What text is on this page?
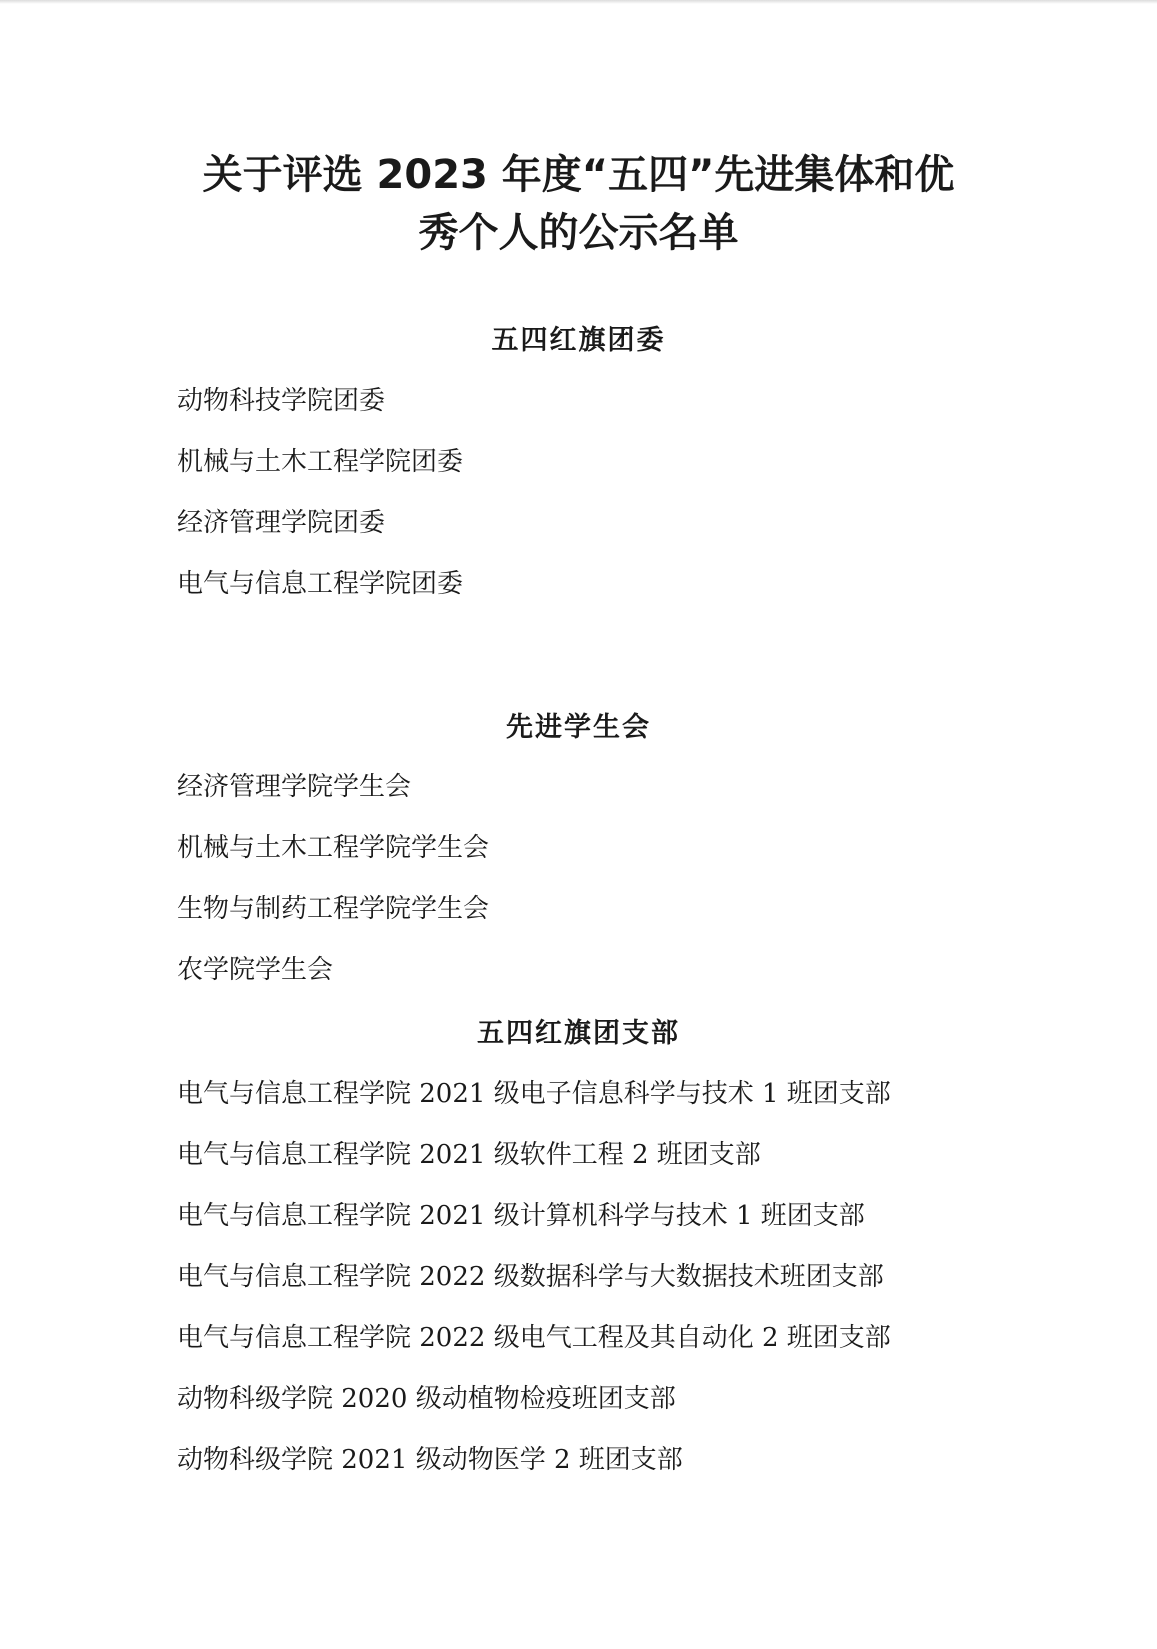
关于评选 2023 年度“五四”先进集体和优
秀个人的公示名单
五四红旗团委
动物科技学院团委
机械与土木工程学院团委
经济管理学院团委
电气与信息工程学院团委
先进学生会
经济管理学院学生会
机械与土木工程学院学生会
生物与制药工程学院学生会
农学院学生会
五四红旗团支部
电气与信息工程学院 2021 级电子信息科学与技术 1 班团支部
电气与信息工程学院 2021 级软件工程 2 班团支部
电气与信息工程学院 2021 级计算机科学与技术 1 班团支部
电气与信息工程学院 2022 级数据科学与大数据技术班团支部
电气与信息工程学院 2022 级电气工程及其自动化 2 班团支部
动物科级学院 2020 级动植物检疫班团支部
动物科级学院 2021 级动物医学 2 班团支部
